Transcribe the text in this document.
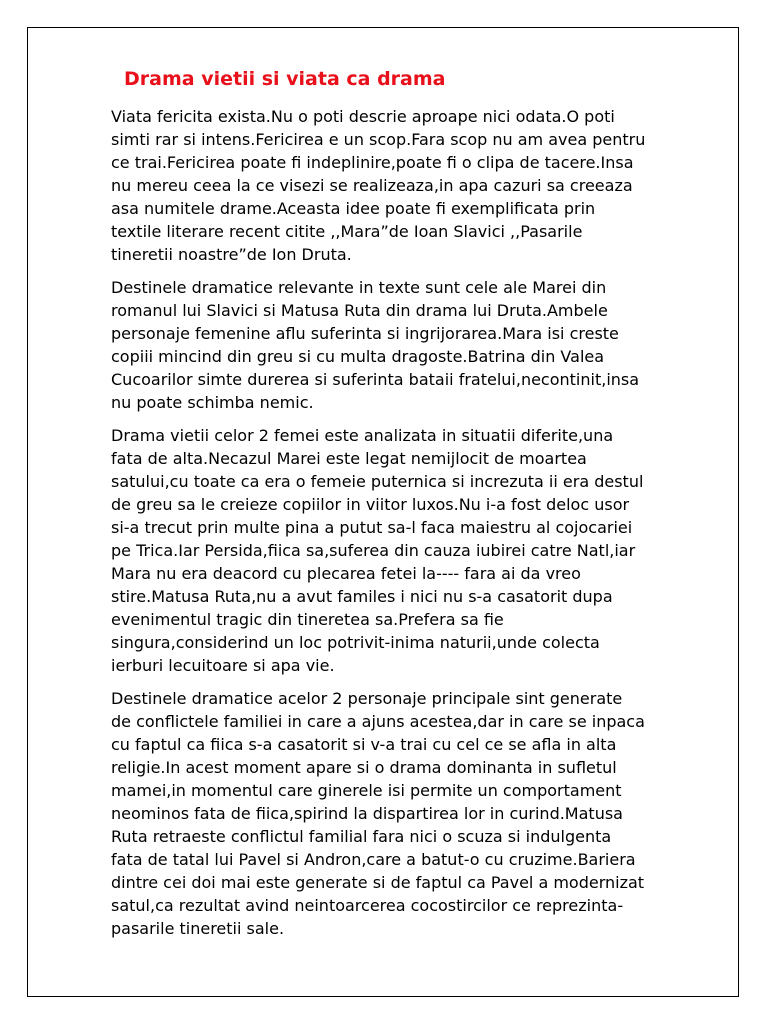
Drama vietii si viata ca drama

Viata fericita exista.Nu o poti descrie aproape nici odata.O poti
simti rar si intens.Fericirea e un scop.Fara scop nu am avea pentru
ce trai.Fericirea poate fi indeplinire,poate fi o clipa de tacere.Insa
nu mereu ceea la ce visezi se realizeaza,in apa cazuri sa creeaza
asa numitele drame.Aceasta idee poate fi exemplificata prin
textile literare recent citite ,,Mara”de Ioan Slavici ,,Pasarile
tineretii noastre”de Ion Druta.

Destinele dramatice relevante in texte sunt cele ale Marei din
romanul lui Slavici si Matusa Ruta din drama lui Druta.Ambele
personaje femenine aflu suferinta si ingrijorarea.Mara isi creste
copiii mincind din greu si cu multa dragoste.Batrina din Valea
Cucoarilor simte durerea si suferinta bataii fratelui,necontinit,insa
nu poate schimba nemic.

Drama vietii celor 2 femei este analizata in situatii diferite,una
fata de alta.Necazul Marei este legat nemijlocit de moartea
satului,cu toate ca era o femeie puternica si increzuta ii era destul
de greu sa le creieze copiilor in viitor luxos.Nu i-a fost deloc usor
si-a trecut prin multe pina a putut sa-l faca maiestru al cojocariei
pe Trica.Iar Persida,fiica sa,suferea din cauza iubirei catre Natl,iar
Mara nu era deacord cu plecarea fetei la---- fara ai da vreo
stire.Matusa Ruta,nu a avut familes i nici nu s-a casatorit dupa
evenimentul tragic din tineretea sa.Prefera sa fie
singura,considerind un loc potrivit-inima naturii,unde colecta
ierburi lecuitoare si apa vie.

Destinele dramatice acelor 2 personaje principale sint generate
de conflictele familiei in care a ajuns acestea,dar in care se inpaca
cu faptul ca fiica s-a casatorit si v-a trai cu cel ce se afla in alta
religie.In acest moment apare si o drama dominanta in sufletul
mamei,in momentul care ginerele isi permite un comportament
neominos fata de fiica,spirind la dispartirea lor in curind.Matusa
Ruta retraeste conflictul familial fara nici o scuza si indulgenta
fata de tatal lui Pavel si Andron,care a batut-o cu cruzime.Bariera
dintre cei doi mai este generate si de faptul ca Pavel a modernizat
satul,ca rezultat avind neintoarcerea cocostircilor ce reprezinta-
pasarile tineretii sale.
